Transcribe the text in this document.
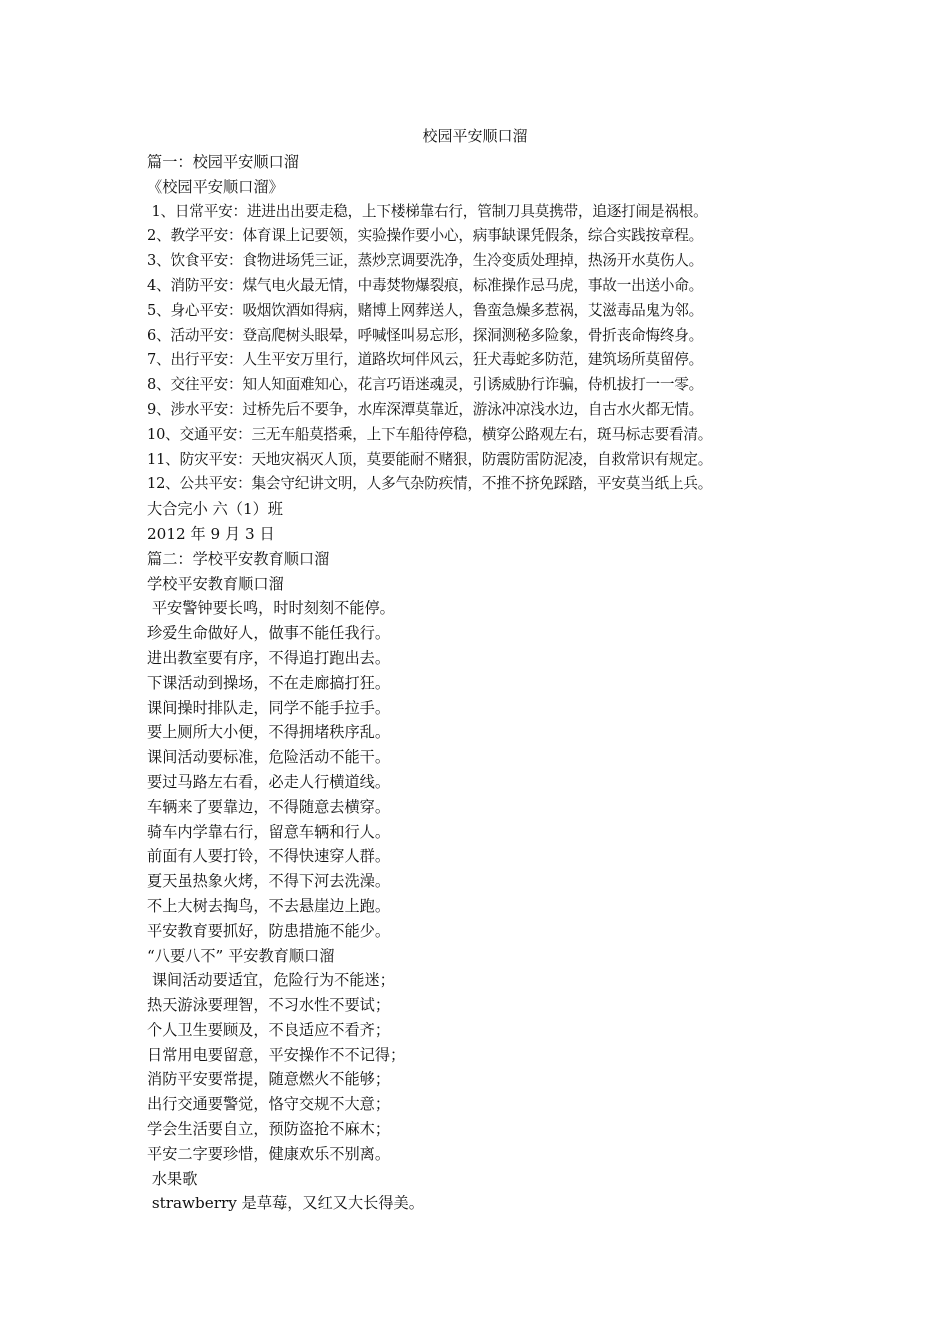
校园平安顺口溜
篇一：校园平安顺口溜
《校园平安顺口溜》
1、日常平安：进进出出要走稳，上下楼梯靠右行，管制刀具莫携带，追逐打闹是祸根。
2、教学平安：体育课上记要领，实验操作要小心，病事缺课凭假条，综合实践按章程。
3、饮食平安：食物进场凭三证，蒸炒烹调要洗净，生冷变质处理掉，热汤开水莫伤人。
4、消防平安：煤气电火最无情，中毒焚物爆裂痕，标准操作忌马虎，事故一出送小命。
5、身心平安：吸烟饮酒如得病，赌博上网葬送人，鲁蛮急燥多惹祸，艾滋毒品鬼为邻。
6、活动平安：登高爬树头眼晕，呼喊怪叫易忘形，探洞测秘多险象，骨折丧命悔终身。
7、出行平安：人生平安万里行，道路坎坷伴风云，狂犬毒蛇多防范，建筑场所莫留停。
8、交往平安：知人知面难知心，花言巧语迷魂灵，引诱威胁行诈骗，侍机拔打一一零。
9、涉水平安：过桥先后不要争，水库深潭莫靠近，游泳冲凉浅水边，自古水火都无情。
10、交通平安：三无车船莫搭乘，上下车船待停稳，横穿公路观左右，斑马标志要看清。
11、防灾平安：天地灾祸灭人顶，莫要能耐不赌狠，防震防雷防泥凌，自救常识有规定。
12、公共平安：集会守纪讲文明，人多气杂防疾情，不推不挤免踩踏，平安莫当纸上兵。
大合完小 六（1）班
2012 年 9 月 3 日
篇二：学校平安教育顺口溜
学校平安教育顺口溜
平安警钟要长鸣，时时刻刻不能停。
珍爱生命做好人，做事不能任我行。
进出教室要有序，不得追打跑出去。
下课活动到操场，不在走廊搞打狂。
课间操时排队走，同学不能手拉手。
要上厕所大小便，不得拥堵秩序乱。
课间活动要标准，危险活动不能干。
要过马路左右看，必走人行横道线。
车辆来了要靠边，不得随意去横穿。
骑车内学靠右行，留意车辆和行人。
前面有人要打铃，不得快速穿人群。
夏天虽热象火烤，不得下河去洗澡。
不上大树去掏鸟，不去悬崖边上跑。
平安教育要抓好，防患措施不能少。
“八要八不” 平安教育顺口溜
课间活动要适宜，危险行为不能迷；
热天游泳要理智，不习水性不要试；
个人卫生要顾及，不良适应不看齐；
日常用电要留意，平安操作不不记得；
消防平安要常提，随意燃火不能够；
出行交通要警觉，恪守交规不大意；
学会生活要自立，预防盗抢不麻木；
平安二字要珍惜，健康欢乐不别离。
水果歌
strawberry 是草莓，又红又大长得美。
